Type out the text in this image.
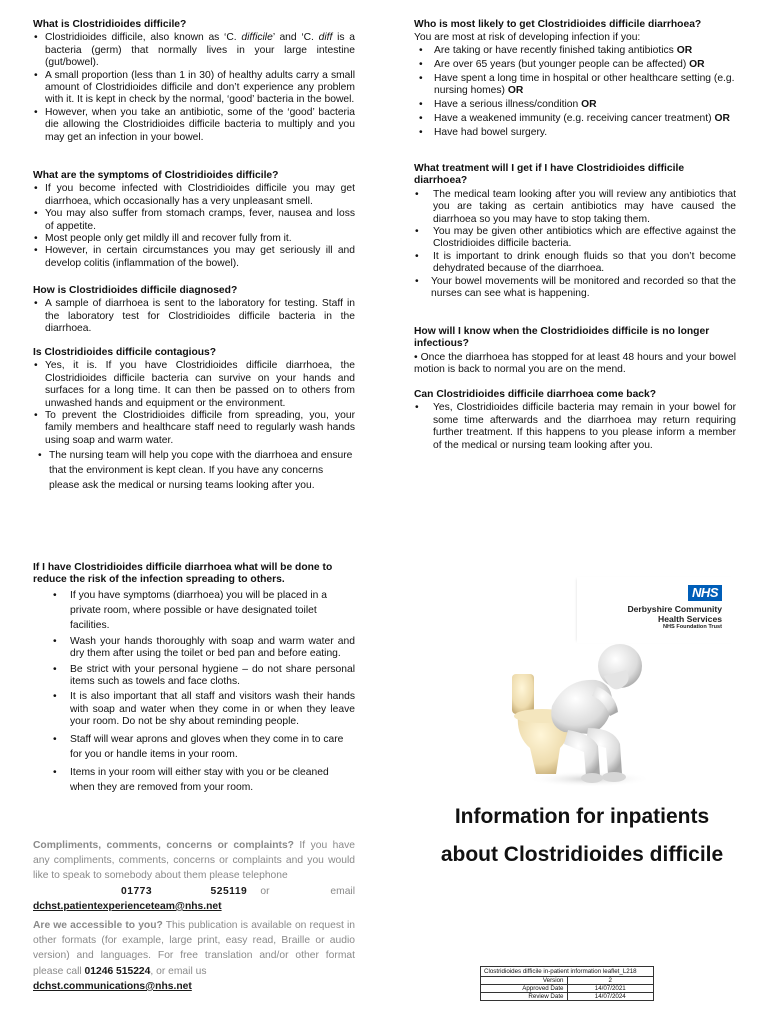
What is Clostridioides difficile?
• Clostridioides difficile, also known as ‘C. difficile’ and ‘C. diff is a bacteria (germ) that normally lives in your large intestine (gut/bowel).
• A small proportion (less than 1 in 30) of healthy adults carry a small amount of Clostridioides difficile and don’t experience any problem with it. It is kept in check by the normal, ‘good’ bacteria in the bowel.
• However, when you take an antibiotic, some of the ‘good’ bacteria die allowing the Clostridioides difficile bacteria to multiply and you may get an infection in your bowel.
What are the symptoms of Clostridioides difficile?
• If you become infected with Clostridioides difficile you may get diarrhoea, which occasionally has a very unpleasant smell.
• You may also suffer from stomach cramps, fever, nausea and loss of appetite.
• Most people only get mildly ill and recover fully from it.
• However, in certain circumstances you may get seriously ill and develop colitis (inflammation of the bowel).
How is Clostridioides difficile diagnosed?
• A sample of diarrhoea is sent to the laboratory for testing. Staff in the laboratory test for Clostridioides difficile bacteria in the diarrhoea.
Is Clostridioides difficile contagious?
• Yes, it is. If you have Clostridioides difficile diarrhoea, the Clostridioides difficile bacteria can survive on your hands and surfaces for a long time. It can then be passed on to others from unwashed hands and equipment or the environment.
• To prevent the Clostridioides difficile from spreading, you, your family members and healthcare staff need to regularly wash hands using soap and warm water.
• The nursing team will help you cope with the diarrhoea and ensure that the environment is kept clean. If you have any concerns please ask the medical or nursing teams looking after you.
If I have Clostridioides difficile diarrhoea what will be done to reduce the risk of the infection spreading to others.
• If you have symptoms (diarrhoea) you will be placed in a private room, where possible or have designated toilet facilities.
• Wash your hands thoroughly with soap and warm water and dry them after using the toilet or bed pan and before eating.
• Be strict with your personal hygiene – do not share personal items such as towels and face cloths.
• It is also important that all staff and visitors wash their hands with soap and water when they come in or when they leave your room. Do not be shy about reminding people.
• Staff will wear aprons and gloves when they come in to care for you or handle items in your room.
• Items in your room will either stay with you or be cleaned when they are removed from your room.
Compliments, comments, concerns or complaints? If you have any compliments, comments, concerns or complaints and you would like to speak to somebody about them please telephone
01773 525119 or email
dchst.patientexperienceteam@nhs.net
Are we accessible to you? This publication is available on request in other formats (for example, large print, easy read, Braille or audio version) and languages. For free translation and/or other format please call 01246 515224, or email us
dchst.communications@nhs.net
Who is most likely to get Clostridioides difficile diarrhoea?

You are most at risk of developing infection if you:

• Are taking or have recently finished taking antibiotics OR
• Are over 65 years (but younger people can be affected) OR
• Have spent a long time in hospital or other healthcare setting (e.g. nursing homes) OR
• Have a serious illness/condition OR
• Have a weakened immunity (e.g. receiving cancer treatment) OR
• Have had bowel surgery.
What treatment will I get if I have Clostridioides difficile diarrhoea?
• The medical team looking after you will review any antibiotics that you are taking as certain antibiotics may have caused the diarrhoea so you may have to stop taking them.
• You may be given other antibiotics which are effective against the Clostridioides difficile bacteria.
• It is important to drink enough fluids so that you don’t become dehydrated because of the diarrhoea.
• Your bowel movements will be monitored and recorded so that the nurses can see what is happening.
How will I know when the Clostridioides difficile is no longer infectious?

• Once the diarrhoea has stopped for at least 48 hours and your bowel motion is back to normal you are on the mend.

Can Clostridioides difficile diarrhoea come back?
• Yes, Clostridioides difficile bacteria may remain in your bowel for some time afterwards and the diarrhoea may return requiring further treatment. If this happens to you please inform a member of the medical or nursing team looking after you.
NHS
Derbyshire Community
Health Services
NHS Foundation Trust
Information for inpatients
about Clostridioides difficile
Clostridioides difficile in-patient information leaflet_L218	
Version	2
Approved Date	14/07/2021
Review Date	14/07/2024
